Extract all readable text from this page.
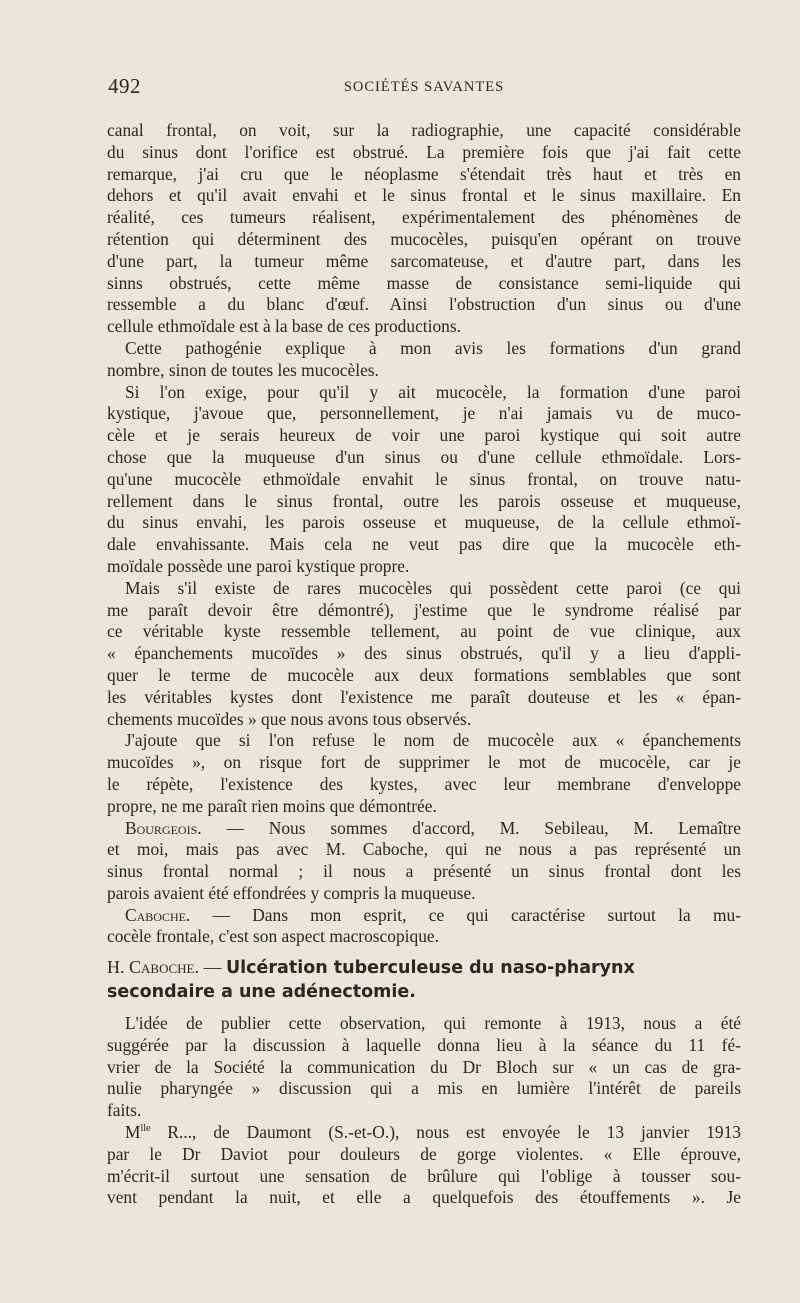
492	SOCIÉTÉS SAVANTES
canal frontal, on voit, sur la radiographie, une capacité considérable
du sinus dont l'orifice est obstrué. La première fois que j'ai fait cette
remarque, j'ai cru que le néoplasme s'étendait très haut et très en
dehors et qu'il avait envahi et le sinus frontal et le sinus maxillaire. En
réalité, ces tumeurs réalisent, expérimentalement des phénomènes de
rétention qui déterminent des mucocèles, puisqu'en opérant on trouve
d'une part, la tumeur même sarcomateuse, et d'autre part, dans les
sinns obstrués, cette même masse de consistance semi-liquide qui
ressemble a du blanc d'œuf. Ainsi l'obstruction d'un sinus ou d'une
cellule ethmoïdale est à la base de ces productions.
Cette pathogénie explique à mon avis les formations d'un grand
nombre, sinon de toutes les mucocèles.
Si l'on exige, pour qu'il y ait mucocèle, la formation d'une paroi
kystique, j'avoue que, personnellement, je n'ai jamais vu de muco-
cèle et je serais heureux de voir une paroi kystique qui soit autre
chose que la muqueuse d'un sinus ou d'une cellule ethmoïdale. Lors-
qu'une mucocèle ethmoïdale envahit le sinus frontal, on trouve natu-
rellement dans le sinus frontal, outre les parois osseuse et muqueuse,
du sinus envahi, les parois osseuse et muqueuse, de la cellule ethmoï-
dale envahissante. Mais cela ne veut pas dire que la mucocèle eth-
moïdale possède une paroi kystique propre.
Mais s'il existe de rares mucocèles qui possèdent cette paroi (ce qui
me paraît devoir être démontré), j'estime que le syndrome réalisé par
ce véritable kyste ressemble tellement, au point de vue clinique, aux
« épanchements mucoïdes » des sinus obstrués, qu'il y a lieu d'appli-
quer le terme de mucocèle aux deux formations semblables que sont
les véritables kystes dont l'existence me paraît douteuse et les « épan-
chements mucoïdes » que nous avons tous observés.
J'ajoute que si l'on refuse le nom de mucocèle aux « épanchements
mucoïdes », on risque fort de supprimer le mot de mucocèle, car je
le répète, l'existence des kystes, avec leur membrane d'enveloppe
propre, ne me paraît rien moins que démontrée.
Bourgeois. — Nous sommes d'accord, M. Sebileau, M. Lemaître
et moi, mais pas avec M. Caboche, qui ne nous a pas représenté un
sinus frontal normal ; il nous a présenté un sinus frontal dont les
parois avaient été effondrées y compris la muqueuse.
Caboche. — Dans mon esprit, ce qui caractérise surtout la mu-
cocèle frontale, c'est son aspect macroscopique.
H. Caboche. — Ulcération tuberculeuse du naso-pharynx
secondaire a une adénectomie.
L'idée de publier cette observation, qui remonte à 1913, nous a été
suggérée par la discussion à laquelle donna lieu à la séance du 11 fé-
vrier de la Société la communication du Dr Bloch sur « un cas de gra-
nulie pharyngée » discussion qui a mis en lumière l'intérêt de pareils
faits.
$M^{lle}$ R..., de Daumont (S.-et-O.), nous est envoyée le 13 janvier 1913
par le Dr Daviot pour douleurs de gorge violentes. « Elle éprouve,
m'écrit-il surtout une sensation de brûlure qui l'oblige à tousser sou-
vent pendant la nuit, et elle a quelquefois des étouffements ». Je
